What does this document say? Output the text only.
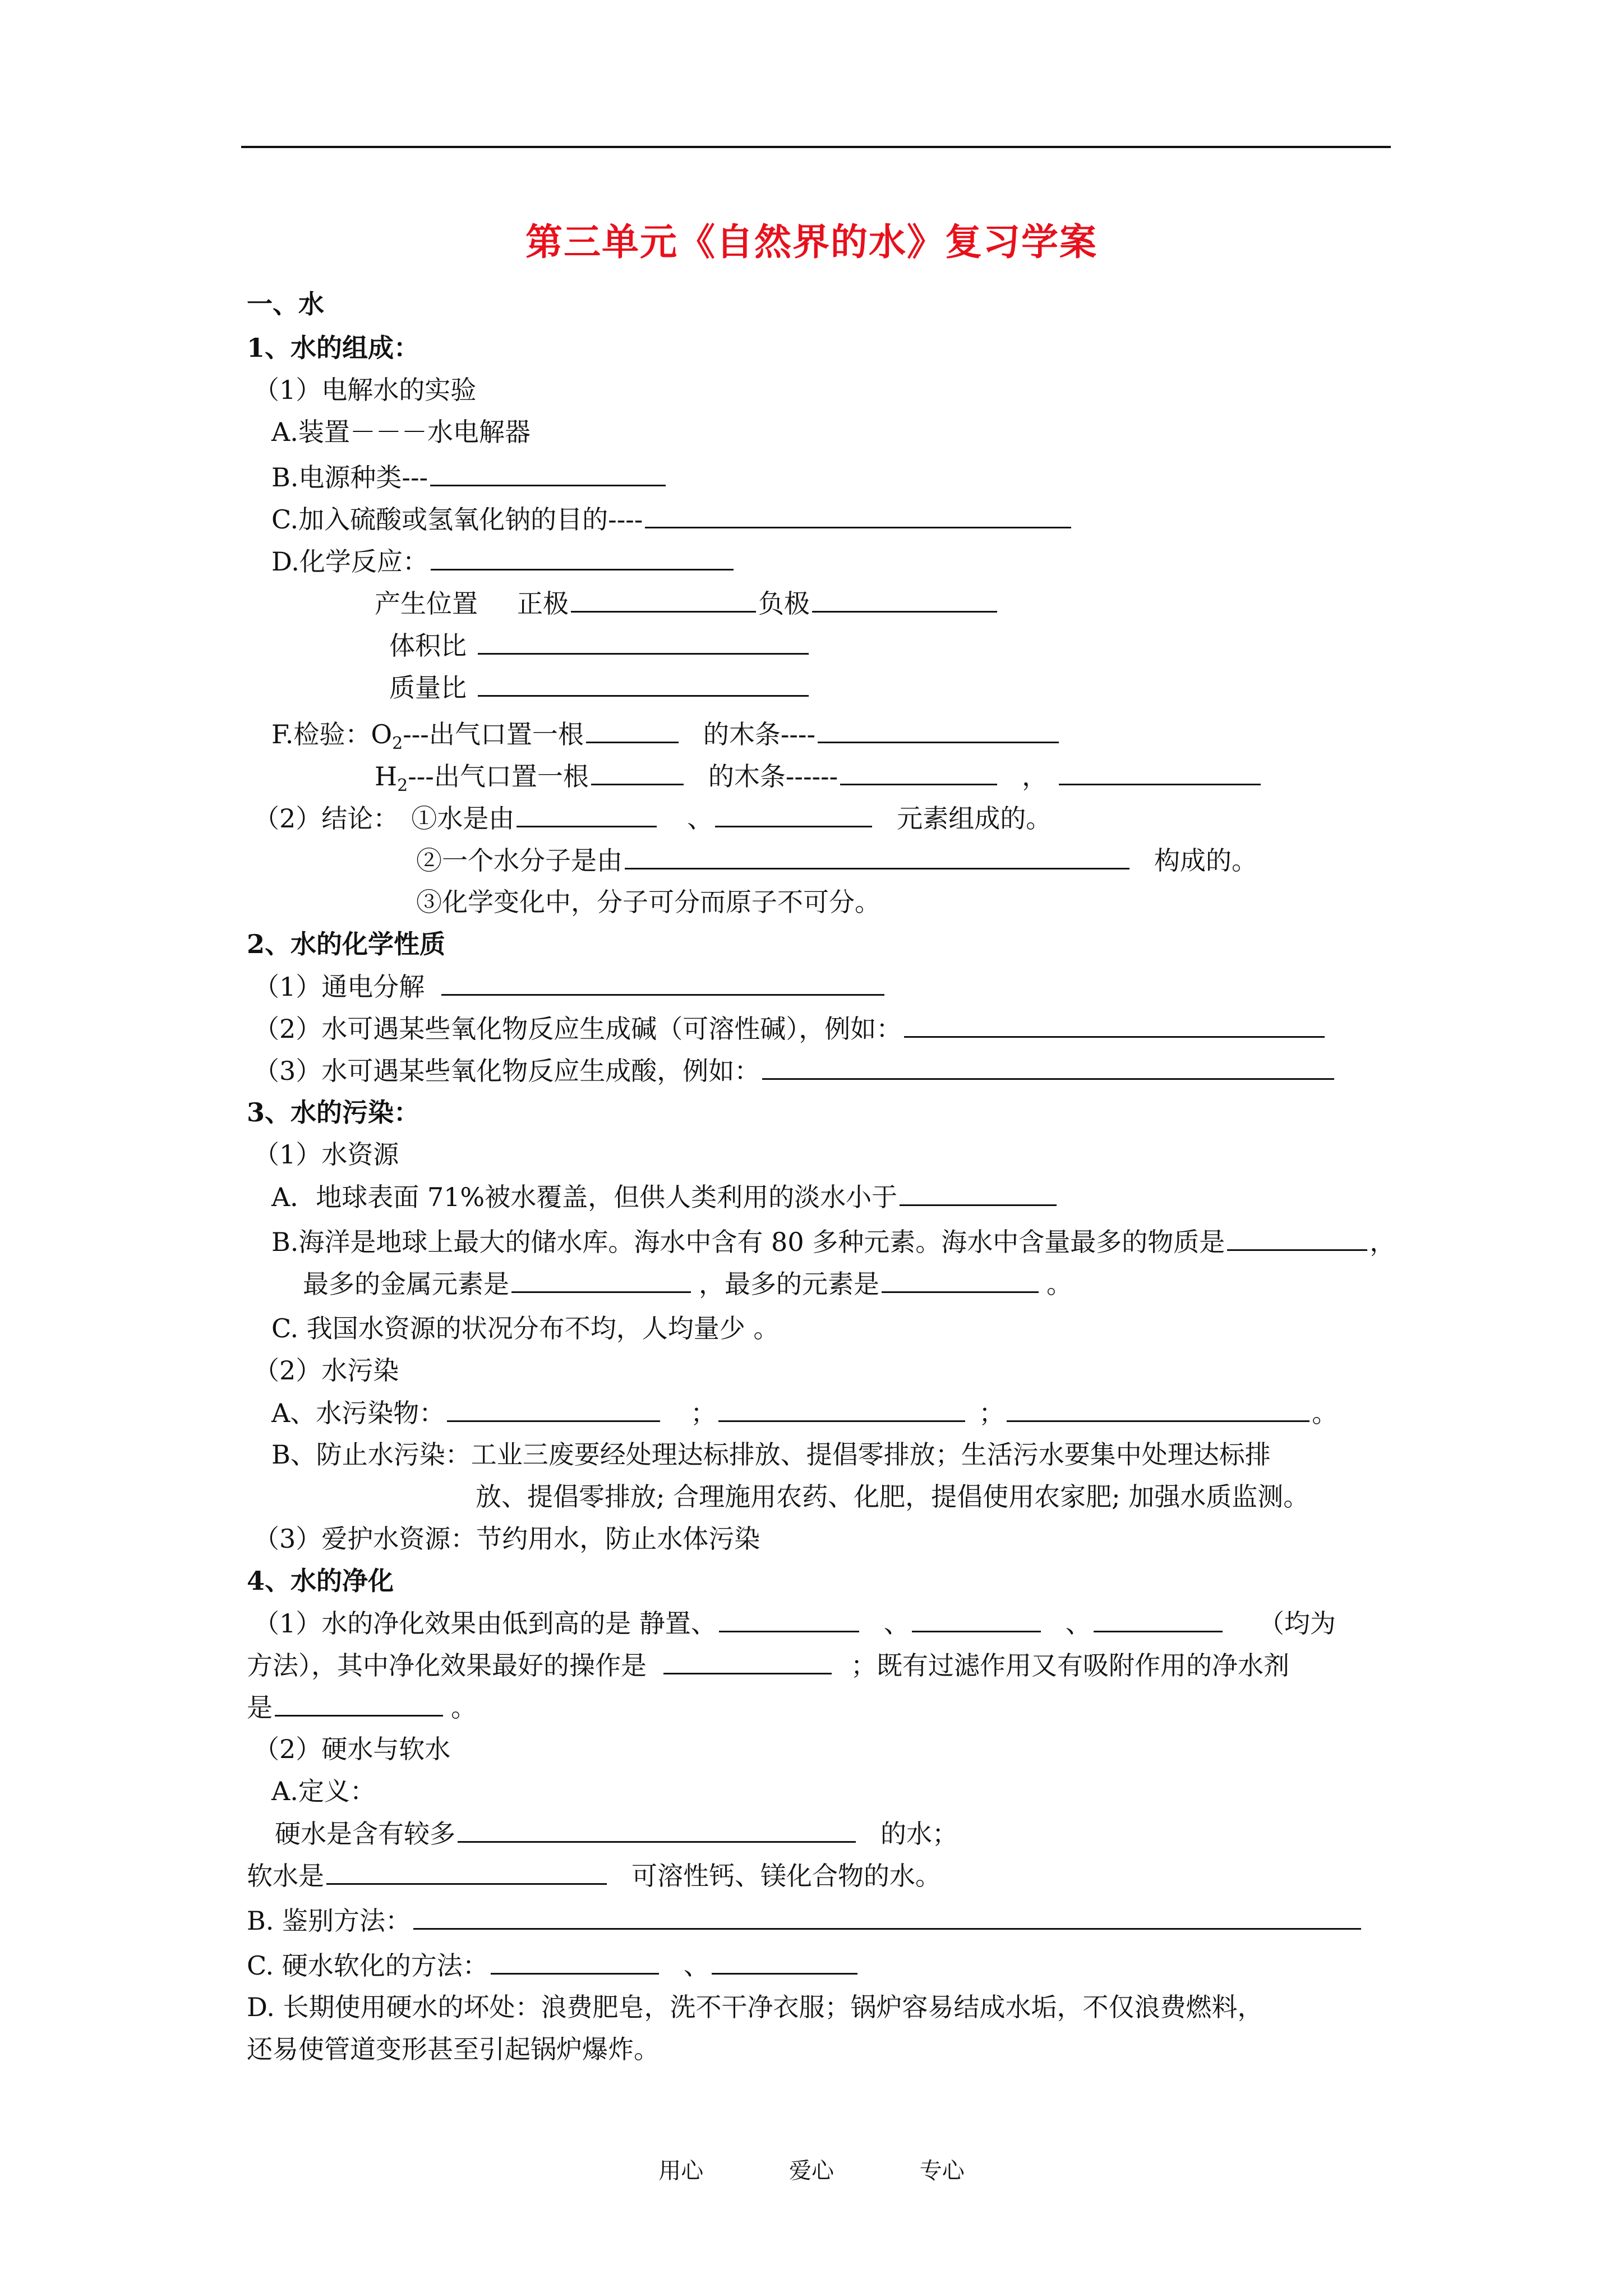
第三单元《自然界的水》复习学案
一、水
1、水的组成：
（1）电解水的实验
A.装置－－－水电解器
B.电源种类---
C.加入硫酸或氢氧化钠的目的----
D.化学反应：
产生位置 正极	负极
体积比
质量比
F.检验：$O_2---$出气口置一根	的木条----
$H_2---$出气口置一根	的木条------	，
（2）结论： ①水是由	、	元素组成的。
②一个水分子是由	构成的。
③化学变化中，分子可分而原子不可分。
2、水的化学性质
（1）通电分解
（2）水可遇某些氧化物反应生成碱（可溶性碱），例如：
（3）水可遇某些氧化物反应生成酸，例如：
3、水的污染：
（1）水资源
A．地球表面 71%被水覆盖，但供人类利用的淡水小于
B.海洋是地球上最大的储水库。海水中含有 80 多种元素。海水中含量最多的物质是	，
最多的金属元素是	，最多的元素是	。
C. 我国水资源的状况分布不均，人均量少 。
（2）水污染
A、水污染物：	；	；	。
B、防止水污染：工业三废要经处理达标排放、提倡零排放；生活污水要集中处理达标排
放、提倡零排放; 合理施用农药、化肥，提倡使用农家肥; 加强水质监测。
（3）爱护水资源：节约用水，防止水体污染
4、水的净化
（1）水的净化效果由低到高的是 静置、	、	、	（均为
方法），其中净化效果最好的操作是	；既有过滤作用又有吸附作用的净水剂
是	。
（2）硬水与软水
A.定义：
硬水是含有较多	的水；
软水是	可溶性钙、镁化合物的水。
B. 鉴别方法：
C. 硬水软化的方法：	、
D. 长期使用硬水的坏处：浪费肥皂，洗不干净衣服；锅炉容易结成水垢，不仅浪费燃料，
还易使管道变形甚至引起锅炉爆炸。
用心	爱心	专心
